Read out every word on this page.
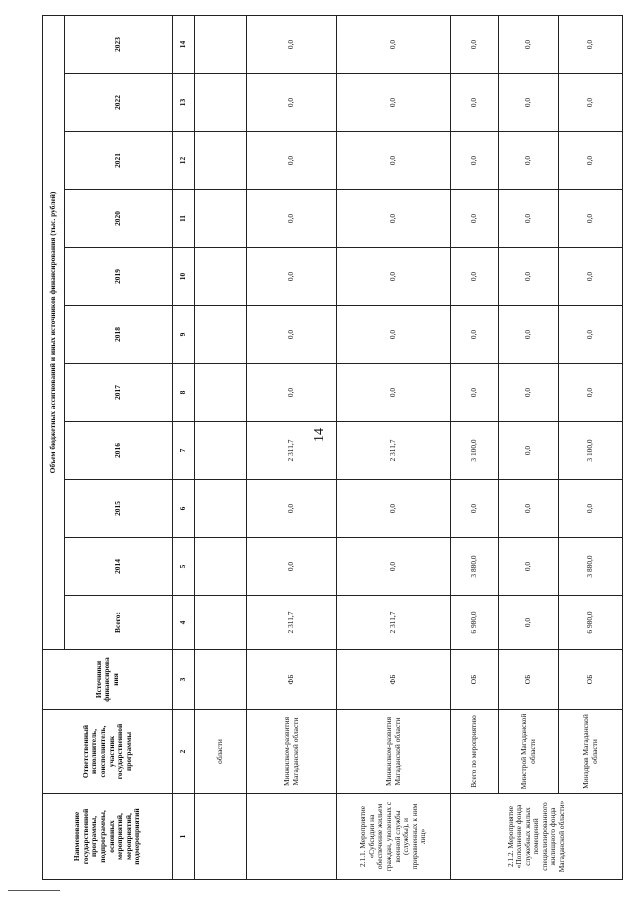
14
Наименование государственной программы, подпрограммы, основных мероприятий, мероприятий, подмероприятий	Ответственный исполнитель, соисполнитель, участник государственной программы	Источники финансирова ния	Объем бюджетных ассигнований и иных источников финансирования (тыс. рублей)										
			Всего:	2014	2015	2016	2017	2018	2019	2020	2021	2022	2023
1	2	3	4	5	6	7	8	9	10	11	12	13	14
	области												
	Минжилком-развития Магаданской области	ФБ	2 311,7	0,0	0,0	2 311,7	0,0	0,0	0,0	0,0	0,0	0,0	0,0
2.1.1. Мероприятие «Субсидии на обеспечение жильем граждан, уволенных с военной службы (службы), и приравненных к ним лиц»	Минжилком-развития Магаданской области	ФБ	2 311,7	0,0	0,0	2 311,7	0,0	0,0	0,0	0,0	0,0	0,0	0,0
2.1.2. Мероприятие «Пополнение фонда служебных жилых помещений специализированного жилищного фонда Магаданской области»	Всего по мероприятию	ОБ	6 980,0	3 880,0	0,0	3 100,0	0,0	0,0	0,0	0,0	0,0	0,0	0,0
	Минстрой Магаданской области	ОБ	0,0	0,0	0,0	0,0	0,0	0,0	0,0	0,0	0,0	0,0	0,0
	Минздрав Магаданской области	ОБ	6 980,0	3 880,0	0,0	3 100,0	0,0	0,0	0,0	0,0	0,0	0,0	0,0
